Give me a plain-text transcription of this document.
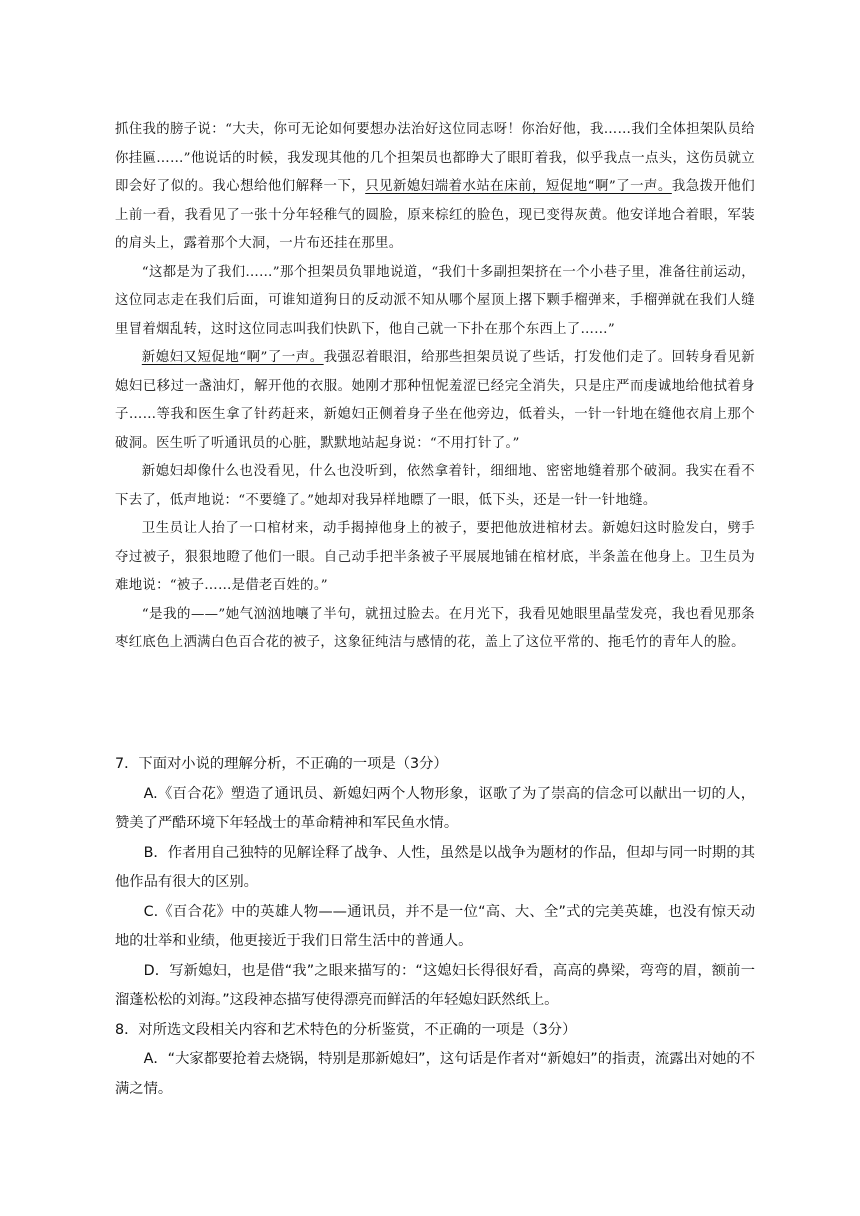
抓住我的膀子说：“大夫，你可无论如何要想办法治好这位同志呀！你治好他，我……我们全体担架队员给你挂匾……”他说话的时候，我发现其他的几个担架员也都睁大了眼盯着我，似乎我点一点头，这伤员就立即会好了似的。我心想给他们解释一下，只见新媳妇端着水站在床前，短促地“啊”了一声。我急拨开他们上前一看，我看见了一张十分年轻稚气的圆脸，原来棕红的脸色，现已变得灰黄。他安详地合着眼，军装的肩头上，露着那个大洞，一片布还挂在那里。

“这都是为了我们……”那个担架员负罪地说道，“我们十多副担架挤在一个小巷子里，准备往前运动，这位同志走在我们后面，可谁知道狗日的反动派不知从哪个屋顶上撂下颗手榴弹来，手榴弹就在我们人缝里冒着烟乱转，这时这位同志叫我们快趴下，他自己就一下扑在那个东西上了……”

新媳妇又短促地“啊”了一声。我强忍着眼泪，给那些担架员说了些话，打发他们走了。回转身看见新媳妇已移过一盏油灯，解开他的衣服。她刚才那种忸怩羞涩已经完全消失，只是庄严而虔诚地给他拭着身子……等我和医生拿了针药赶来，新媳妇正侧着身子坐在他旁边，低着头，一针一针地在缝他衣肩上那个破洞。医生听了听通讯员的心脏，默默地站起身说：“不用打针了。”

新媳妇却像什么也没看见，什么也没听到，依然拿着针，细细地、密密地缝着那个破洞。我实在看不下去了，低声地说：“不要缝了。”她却对我异样地瞟了一眼，低下头，还是一针一针地缝。

卫生员让人抬了一口棺材来，动手揭掉他身上的被子，要把他放进棺材去。新媳妇这时脸发白，劈手夺过被子，狠狠地瞪了他们一眼。自己动手把半条被子平展展地铺在棺材底，半条盖在他身上。卫生员为难地说：“被子……是借老百姓的。”

“是我的——”她气汹汹地嚷了半句，就扭过脸去。在月光下，我看见她眼里晶莹发亮，我也看见那条枣红底色上洒满白色百合花的被子，这象征纯洁与感情的花，盖上了这位平常的、拖毛竹的青年人的脸。

7．下面对小说的理解分析，不正确的一项是（3分）

A.《百合花》塑造了通讯员、新媳妇两个人物形象，讴歌了为了崇高的信念可以献出一切的人，赞美了严酷环境下年轻战士的革命精神和军民鱼水情。

B．作者用自己独特的见解诠释了战争、人性，虽然是以战争为题材的作品，但却与同一时期的其他作品有很大的区别。

C.《百合花》中的英雄人物——通讯员，并不是一位“高、大、全”式的完美英雄，也没有惊天动地的壮举和业绩，他更接近于我们日常生活中的普通人。

D．写新媳妇，也是借“我”之眼来描写的：“这媳妇长得很好看，高高的鼻梁，弯弯的眉，额前一溜蓬松松的刘海。”这段神态描写使得漂亮而鲜活的年轻媳妇跃然纸上。

8．对所选文段相关内容和艺术特色的分析鉴赏，不正确的一项是（3分）

A．“大家都要抢着去烧锅，特别是那新媳妇”，这句话是作者对“新媳妇”的指责，流露出对她的不满之情。
